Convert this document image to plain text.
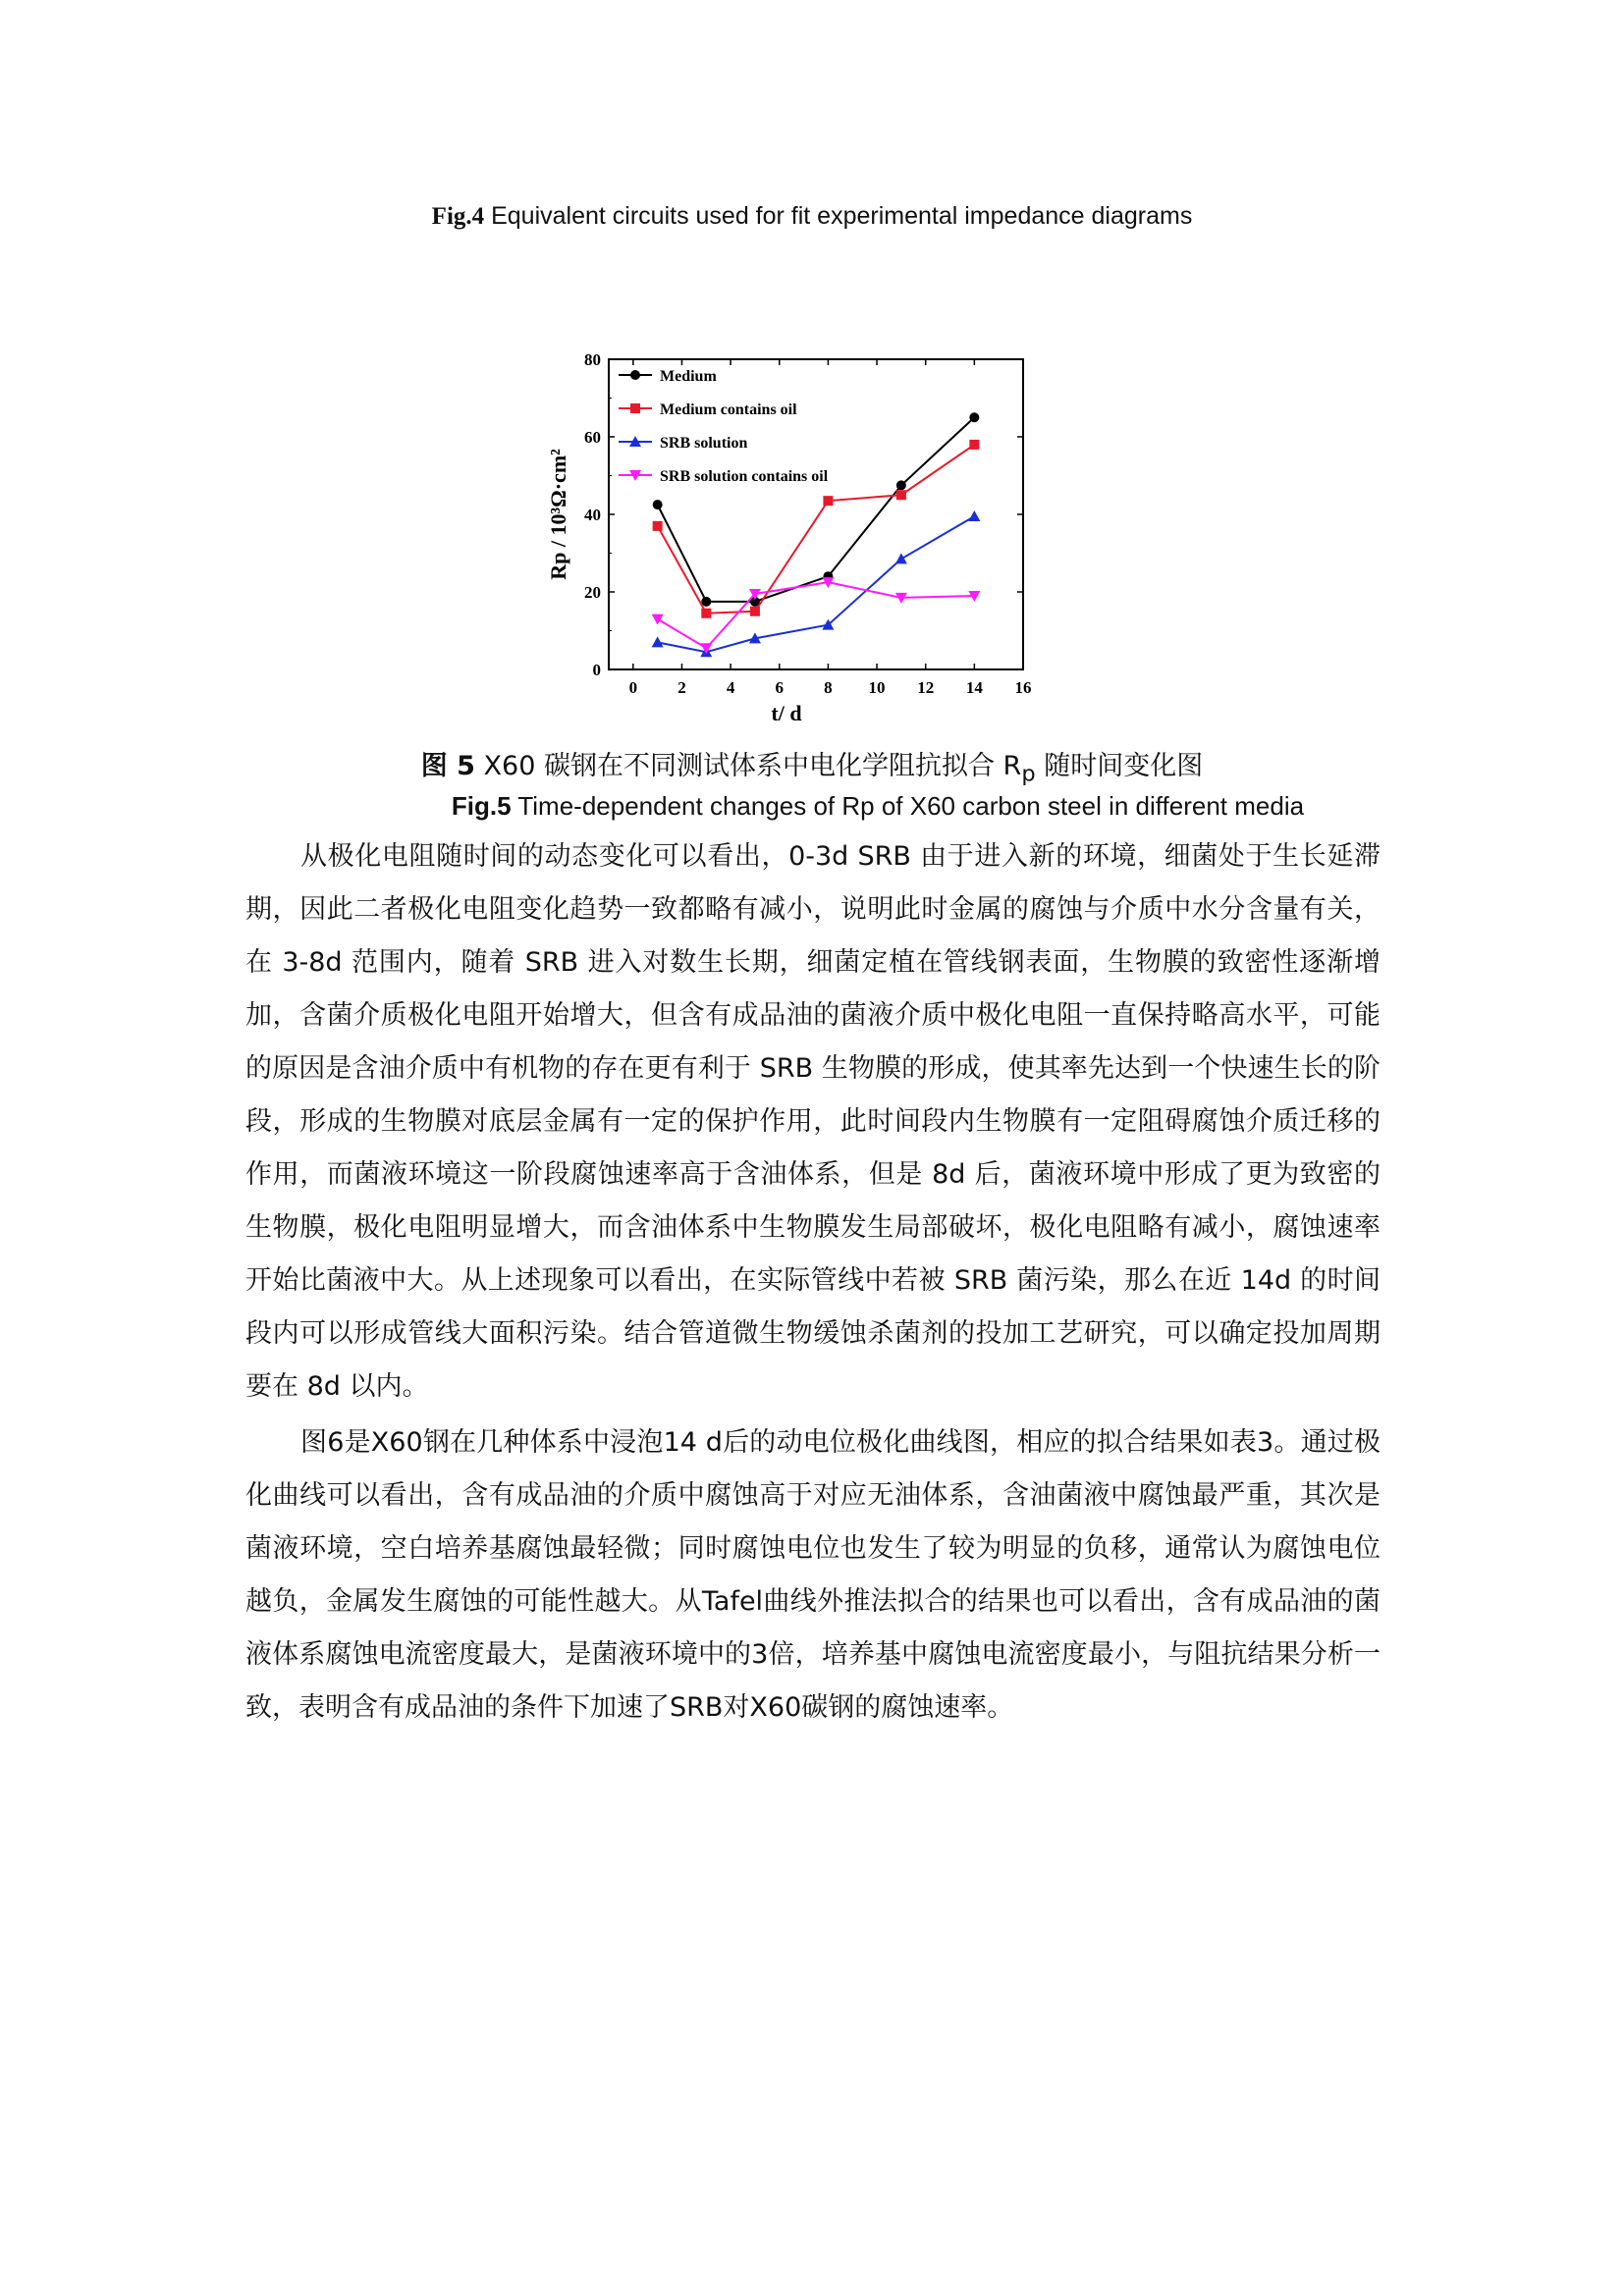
Fig.4 Equivalent circuits used for fit experimental impedance diagrams
0
20
40
60
80
0 2 4 6 8 10 12 14 16
t/ d
Rp / 10³Ω·cm²
Medium
Medium contains oil
SRB solution
SRB solution contains oil
图 5 X60 碳钢在不同测试体系中电化学阻抗拟合 $R_p$ 随时间变化图
Fig.5 Time-dependent changes of Rp of X60 carbon steel in different media

从极化电阻随时间的动态变化可以看出，0-3d SRB 由于进入新的环境，细菌处于生长延滞期，因此二者极化电阻变化趋势一致都略有减小，说明此时金属的腐蚀与介质中水分含量有关，在 3-8d 范围内，随着 SRB 进入对数生长期，细菌定植在管线钢表面，生物膜的致密性逐渐增加，含菌介质极化电阻开始增大，但含有成品油的菌液介质中极化电阻一直保持略高水平，可能的原因是含油介质中有机物的存在更有利于 SRB 生物膜的形成，使其率先达到一个快速生长的阶段，形成的生物膜对底层金属有一定的保护作用，此时间段内生物膜有一定阻碍腐蚀介质迁移的作用，而菌液环境这一阶段腐蚀速率高于含油体系，但是 8d 后，菌液环境中形成了更为致密的生物膜，极化电阻明显增大，而含油体系中生物膜发生局部破坏，极化电阻略有减小，腐蚀速率开始比菌液中大。从上述现象可以看出，在实际管线中若被 SRB 菌污染，那么在近 14d 的时间段内可以形成管线大面积污染。结合管道微生物缓蚀杀菌剂的投加工艺研究，可以确定投加周期要在 8d 以内。

图6是X60钢在几种体系中浸泡14 d后的动电位极化曲线图，相应的拟合结果如表3。通过极化曲线可以看出，含有成品油的介质中腐蚀高于对应无油体系，含油菌液中腐蚀最严重，其次是菌液环境，空白培养基腐蚀最轻微；同时腐蚀电位也发生了较为明显的负移，通常认为腐蚀电位越负，金属发生腐蚀的可能性越大。从Tafel曲线外推法拟合的结果也可以看出，含有成品油的菌液体系腐蚀电流密度最大，是菌液环境中的3倍，培养基中腐蚀电流密度最小，与阻抗结果分析一致，表明含有成品油的条件下加速了SRB对X60碳钢的腐蚀速率。
